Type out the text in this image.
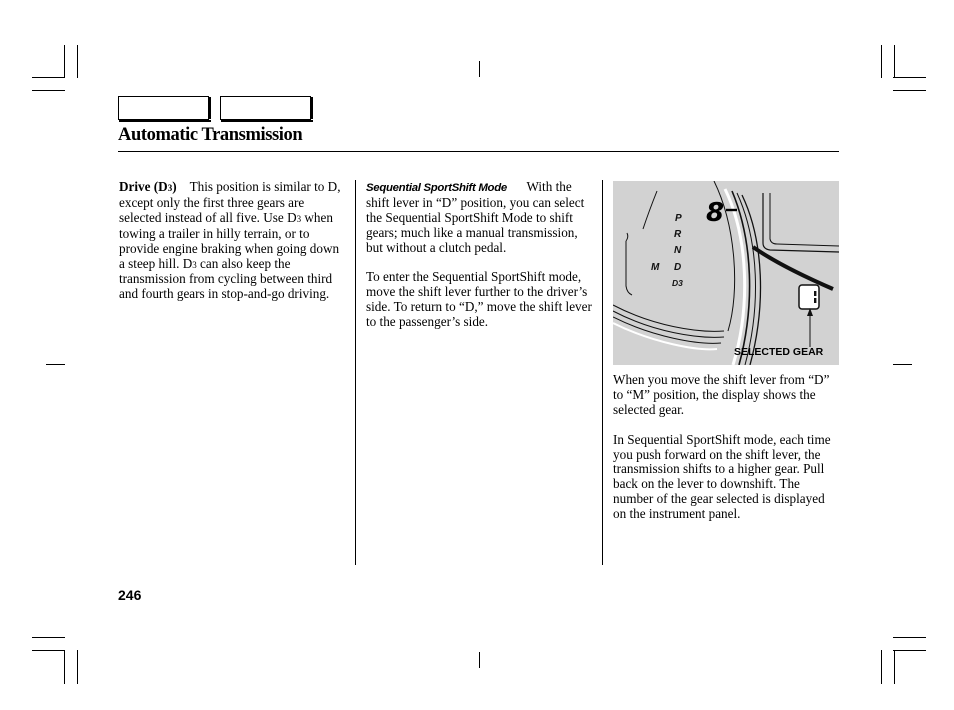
Automatic Transmission

Drive (D3) This position is similar to D, except only the first three gears are selected instead of all five. Use D3 when towing a trailer in hilly terrain, or to provide engine braking when going down a steep hill. D3 can also keep the transmission from cycling between third and fourth gears in stop-and-go driving.

Sequential SportShift Mode With the shift lever in “D” position, you can select the Sequential SportShift Mode to shift gears; much like a manual transmission, but without a clutch pedal.

To enter the Sequential SportShift mode, move the shift lever further to the driver’s side. To return to “D,” move the shift lever to the passenger’s side.

8
P
R
N
M D
D3
SELECTED GEAR

When you move the shift lever from “D” to “M” position, the display shows the selected gear.

In Sequential SportShift mode, each time you push forward on the shift lever, the transmission shifts to a higher gear. Pull back on the lever to downshift. The number of the gear selected is displayed on the instrument panel.

246
